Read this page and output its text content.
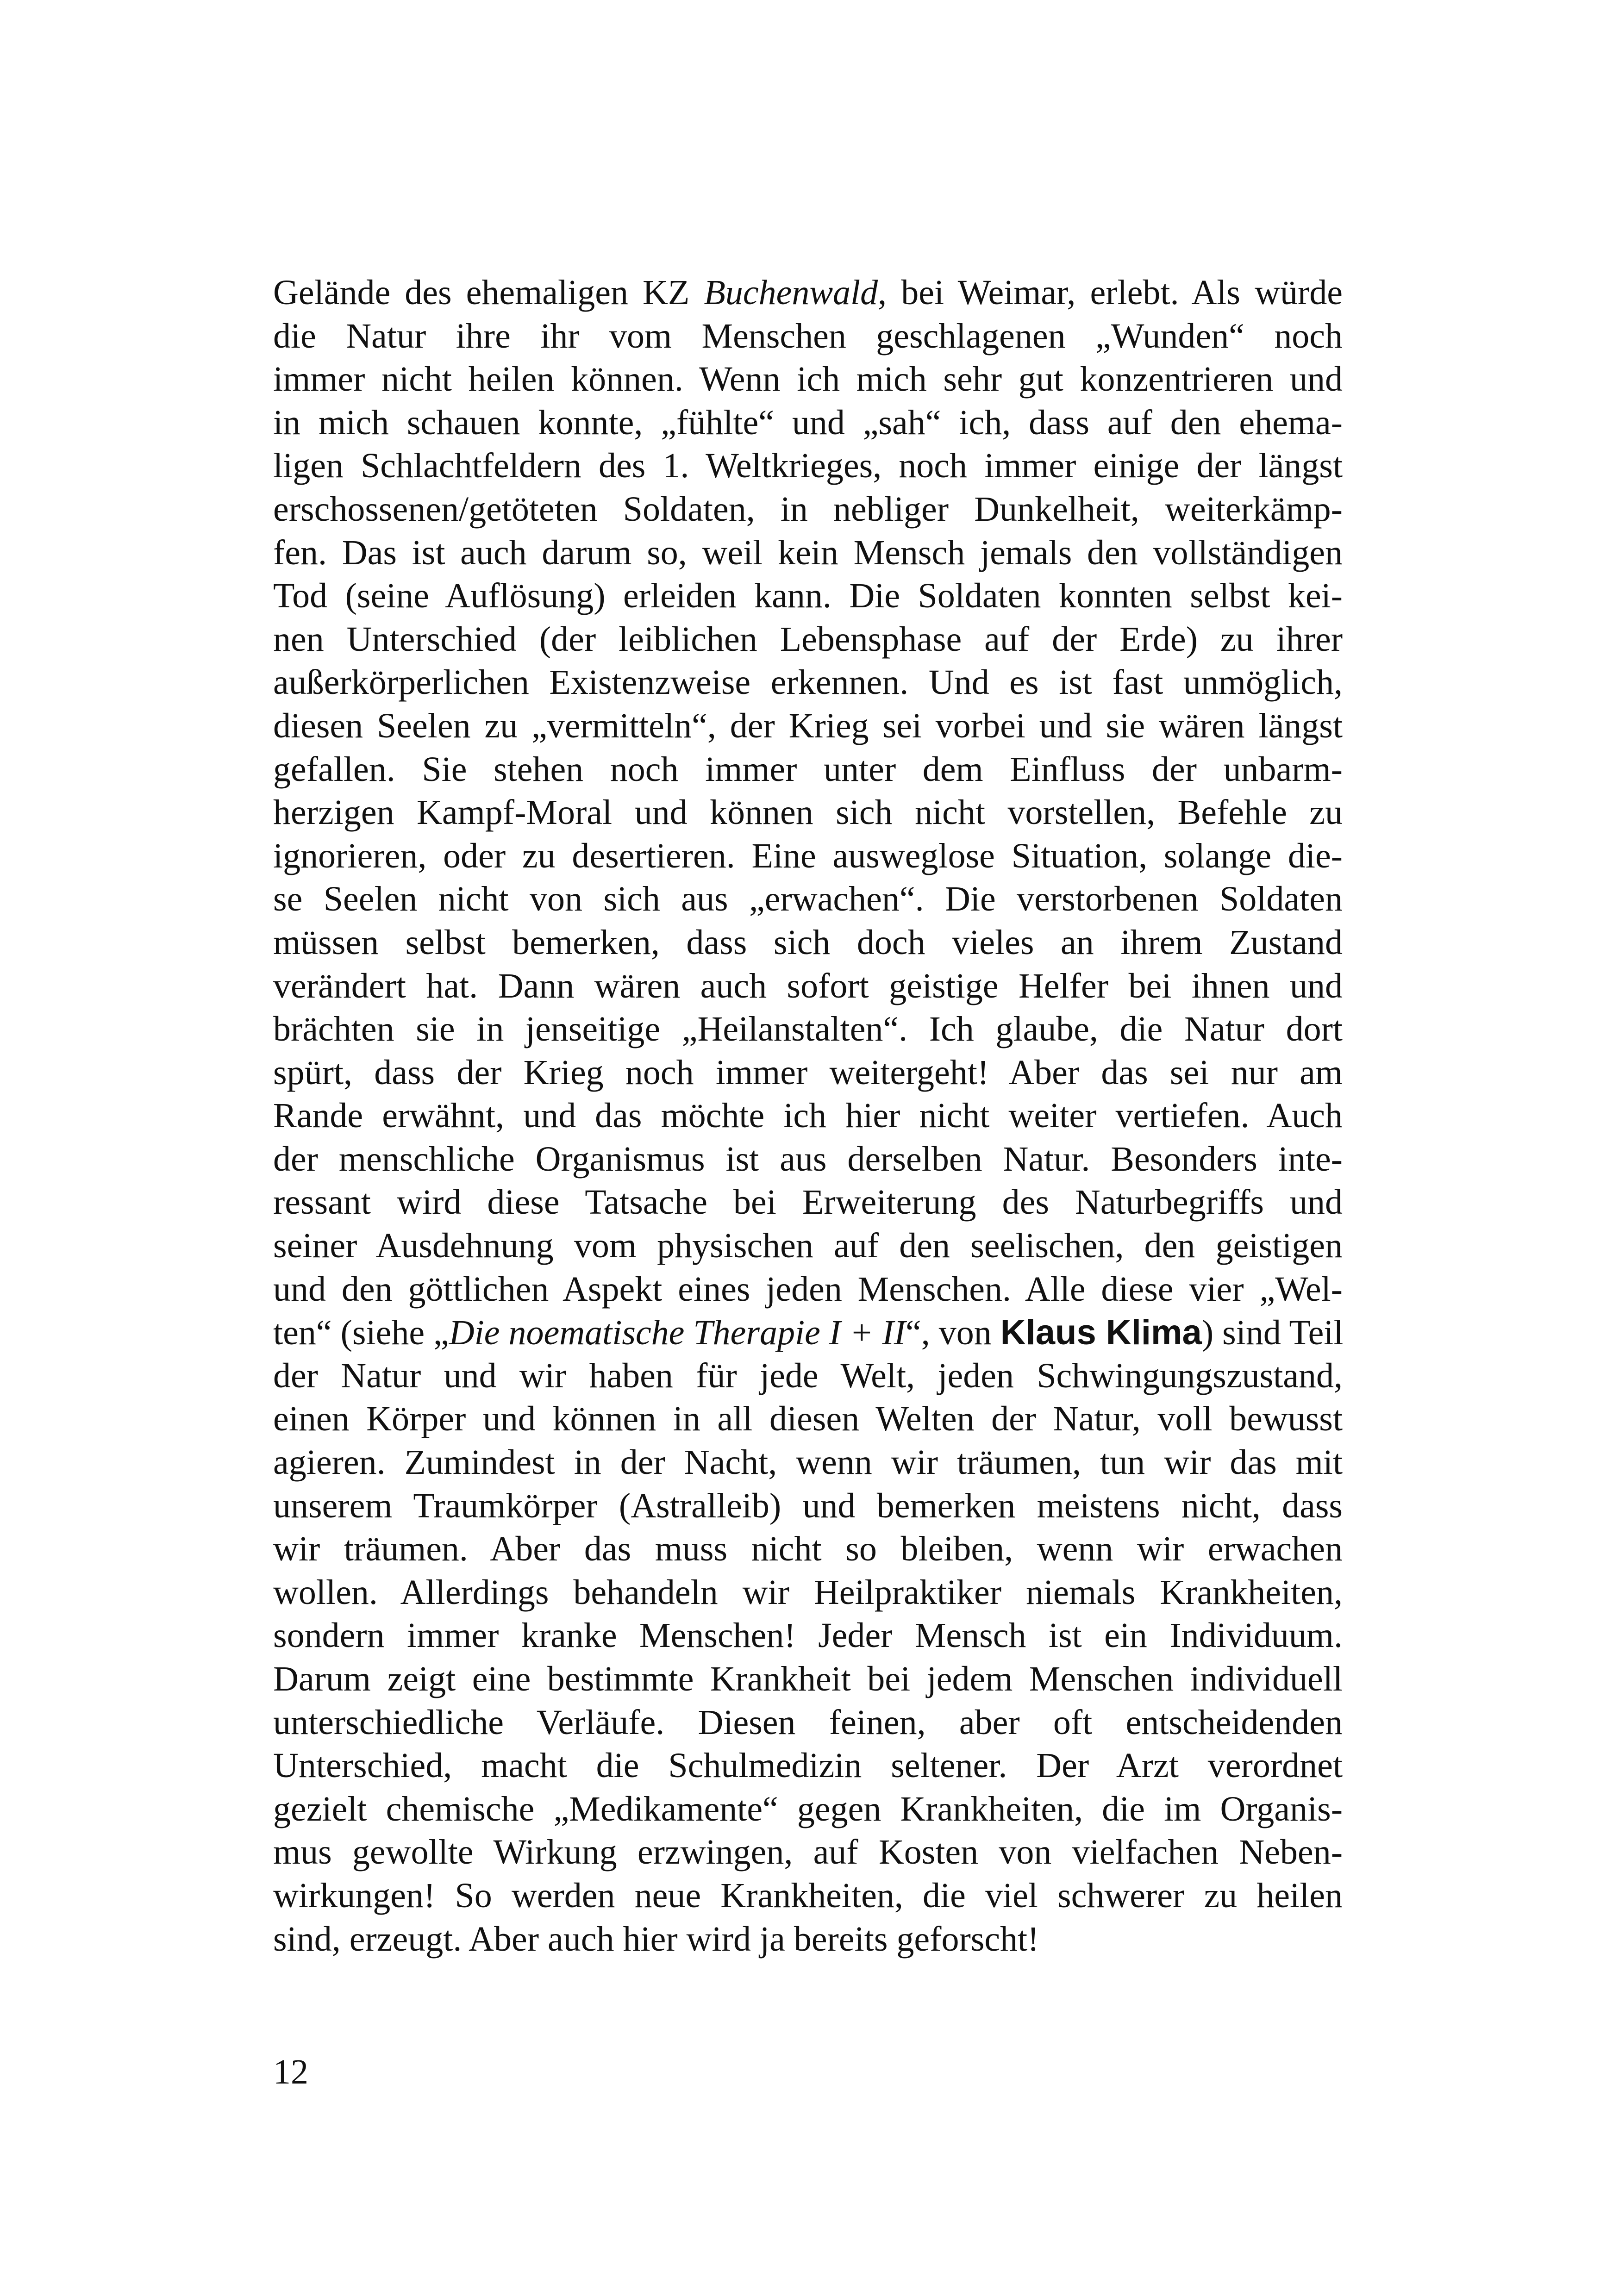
Gelände des ehemaligen KZ Buchenwald, bei Weimar, erlebt. Als würde
die Natur ihre ihr vom Menschen geschlagenen „Wunden“ noch
immer nicht heilen können. Wenn ich mich sehr gut konzentrieren und
in mich schauen konnte, „fühlte“ und „sah“ ich, dass auf den ehema-
ligen Schlachtfeldern des 1. Weltkrieges, noch immer einige der längst
erschossenen/getöteten Soldaten, in nebliger Dunkelheit, weiterkämp-
fen. Das ist auch darum so, weil kein Mensch jemals den vollständigen
Tod (seine Auflösung) erleiden kann. Die Soldaten konnten selbst kei-
nen Unterschied (der leiblichen Lebensphase auf der Erde) zu ihrer
außerkörperlichen Existenzweise erkennen. Und es ist fast unmöglich,
diesen Seelen zu „vermitteln“, der Krieg sei vorbei und sie wären längst
gefallen. Sie stehen noch immer unter dem Einfluss der unbarm-
herzigen Kampf-Moral und können sich nicht vorstellen, Befehle zu
ignorieren, oder zu desertieren. Eine ausweglose Situation, solange die-
se Seelen nicht von sich aus „erwachen“. Die verstorbenen Soldaten
müssen selbst bemerken, dass sich doch vieles an ihrem Zustand
verändert hat. Dann wären auch sofort geistige Helfer bei ihnen und
brächten sie in jenseitige „Heilanstalten“. Ich glaube, die Natur dort
spürt, dass der Krieg noch immer weitergeht! Aber das sei nur am
Rande erwähnt, und das möchte ich hier nicht weiter vertiefen. Auch
der menschliche Organismus ist aus derselben Natur. Besonders inte-
ressant wird diese Tatsache bei Erweiterung des Naturbegriffs und
seiner Ausdehnung vom physischen auf den seelischen, den geistigen
und den göttlichen Aspekt eines jeden Menschen. Alle diese vier „Wel-
ten“ (siehe „Die noematische Therapie I + II“, von Klaus Klima) sind Teil
der Natur und wir haben für jede Welt, jeden Schwingungszustand,
einen Körper und können in all diesen Welten der Natur, voll bewusst
agieren. Zumindest in der Nacht, wenn wir träumen, tun wir das mit
unserem Traumkörper (Astralleib) und bemerken meistens nicht, dass
wir träumen. Aber das muss nicht so bleiben, wenn wir erwachen
wollen. Allerdings behandeln wir Heilpraktiker niemals Krankheiten,
sondern immer kranke Menschen! Jeder Mensch ist ein Individuum.
Darum zeigt eine bestimmte Krankheit bei jedem Menschen individuell
unterschiedliche Verläufe. Diesen feinen, aber oft entscheidenden
Unterschied, macht die Schulmedizin seltener. Der Arzt verordnet
gezielt chemische „Medikamente“ gegen Krankheiten, die im Organis-
mus gewollte Wirkung erzwingen, auf Kosten von vielfachen Neben-
wirkungen! So werden neue Krankheiten, die viel schwerer zu heilen
sind, erzeugt. Aber auch hier wird ja bereits geforscht!
12
